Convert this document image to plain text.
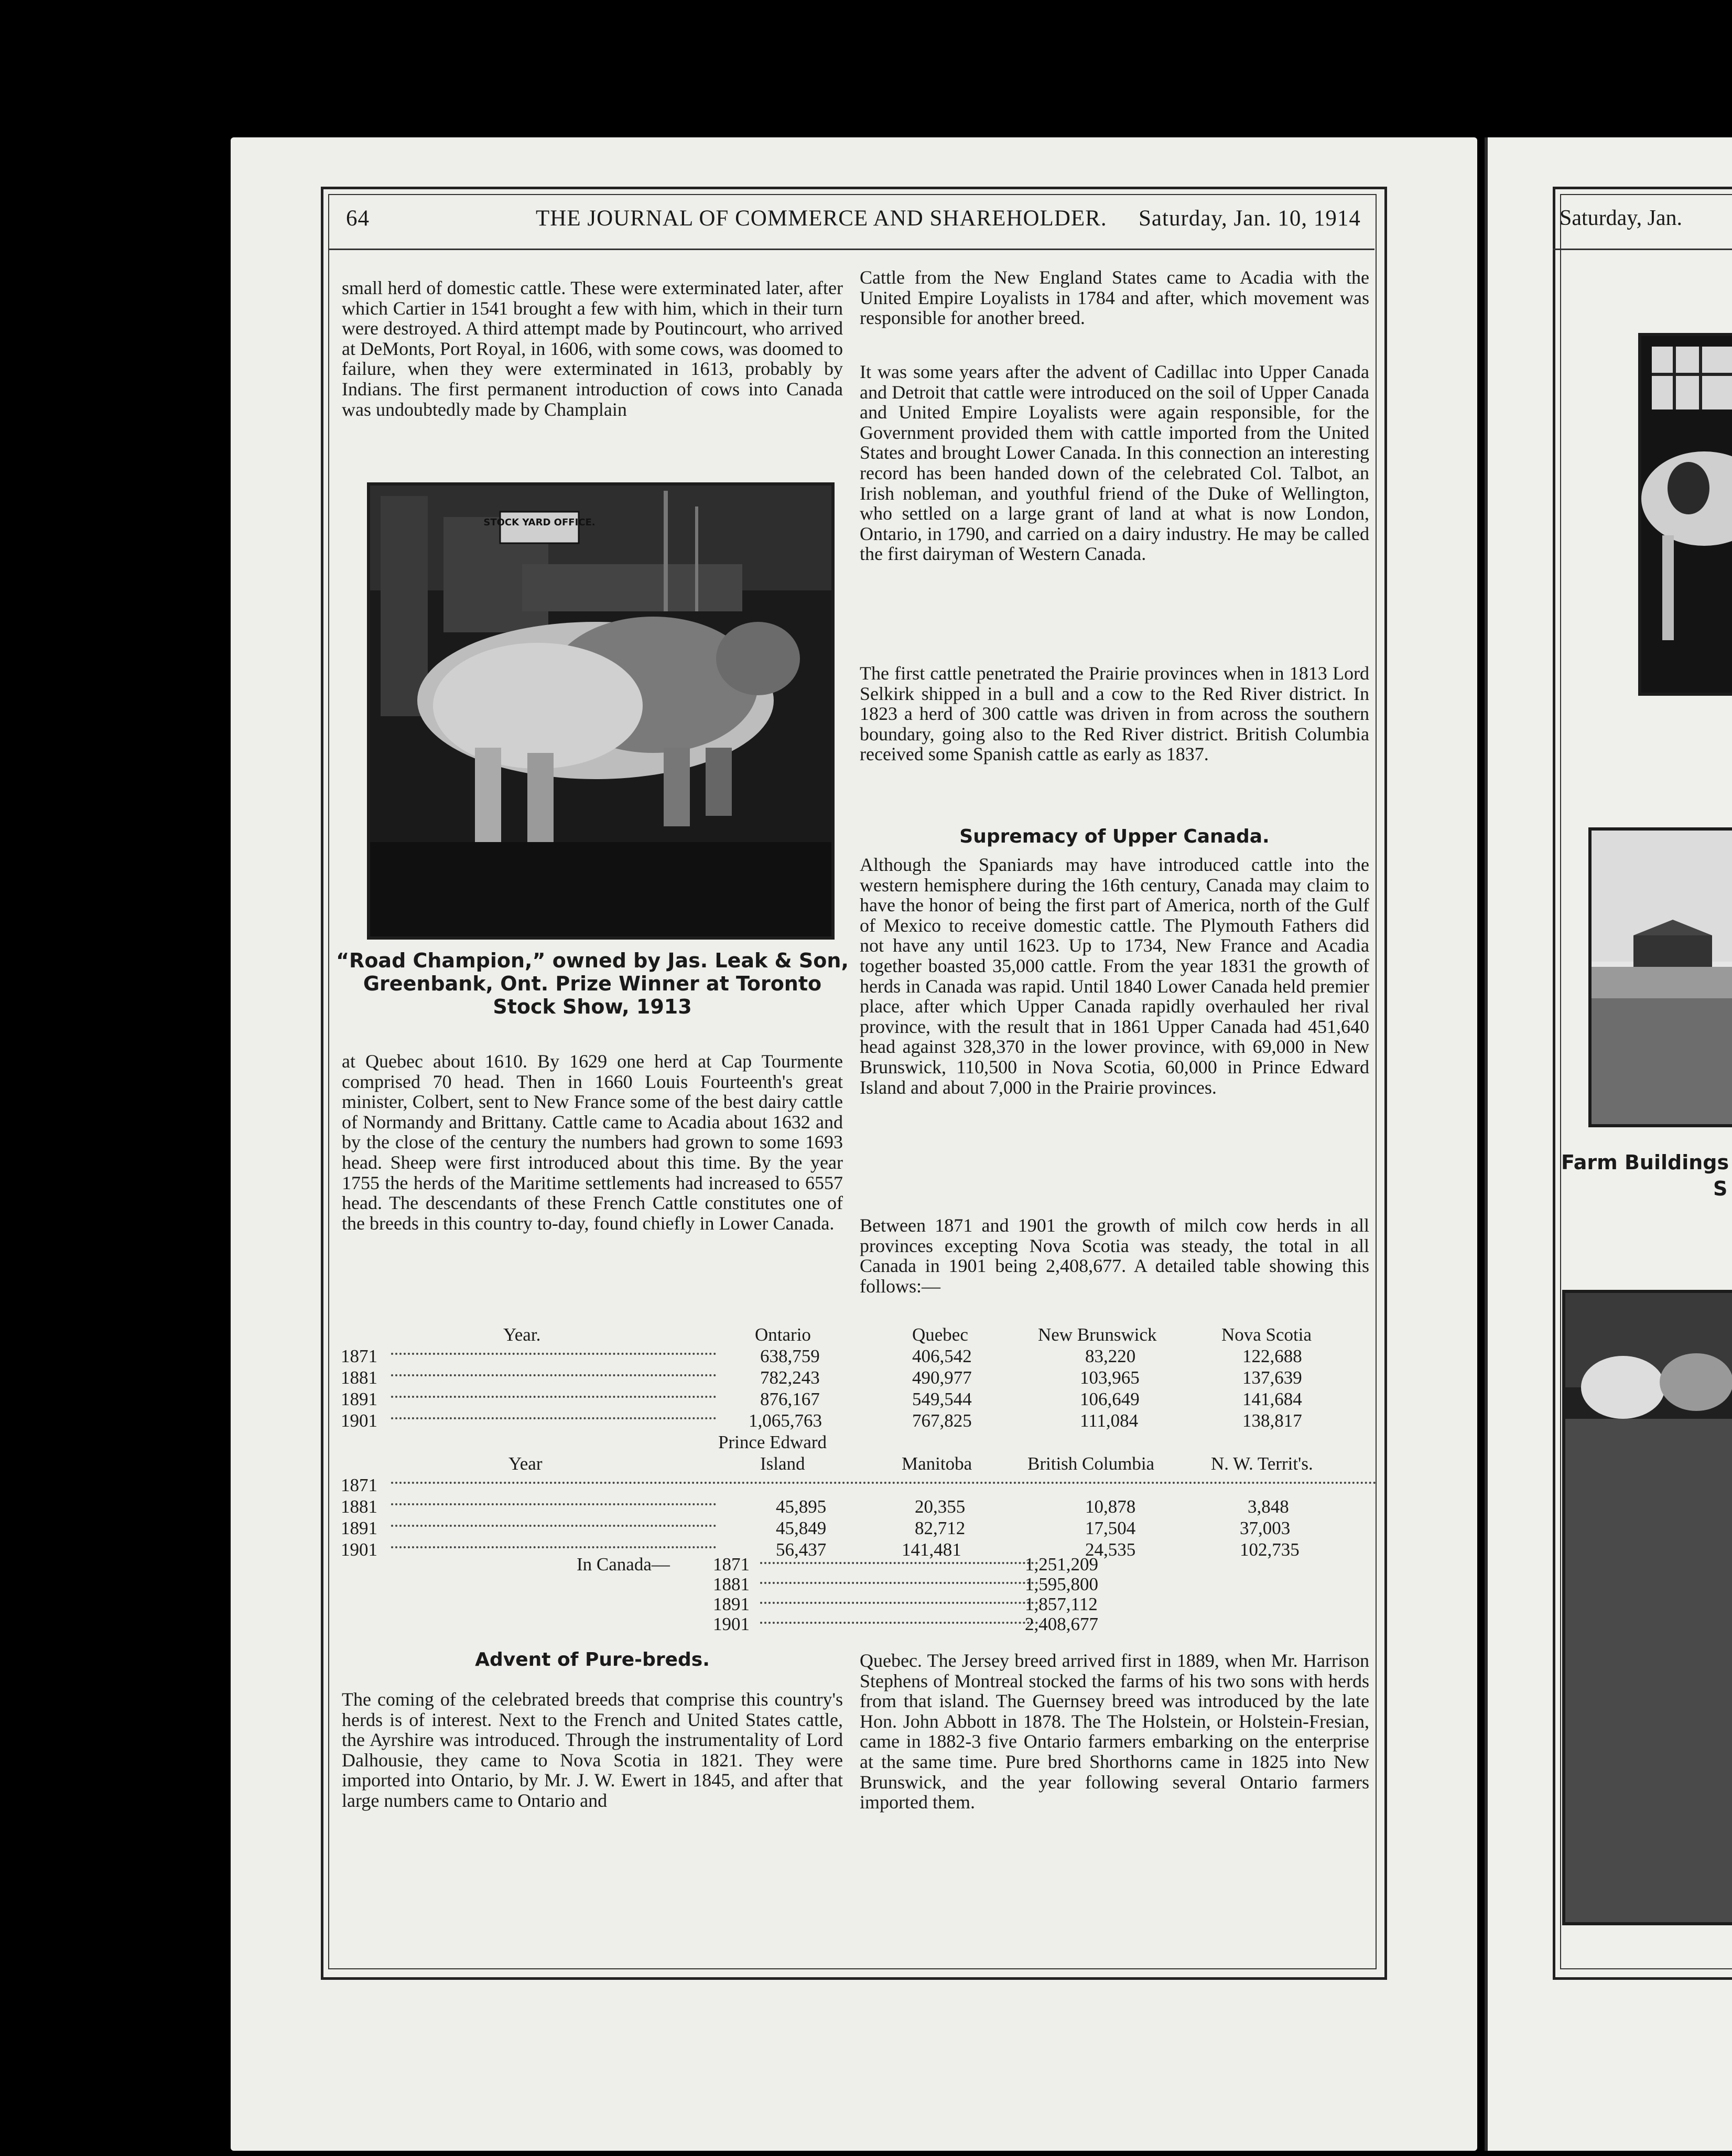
64	THE JOURNAL OF COMMERCE AND SHAREHOLDER. Saturday, Jan. 10, 1914

small herd of domestic cattle. These were exterminated later, after which Cartier in 1541 brought a few with him, which in their turn were destroyed. A third attempt made by Poutincourt, who arrived at DeMonts, Port Royal, in 1606, with some cows, was doomed to failure, when they were exterminated in 1613, probably by Indians. The first permanent introduction of cows into Canada was undoubtedly made by Champlain

STOCK YARD OFFICE.

“Road Champion,” owned by Jas. Leak & Son, Greenbank, Ont. Prize Winner at Toronto Stock Show, 1913

at Quebec about 1610. By 1629 one herd at Cap Tourmente comprised 70 head. Then in 1660 Louis Fourteenth's great minister, Colbert, sent to New France some of the best dairy cattle of Normandy and Brittany. Cattle came to Acadia about 1632 and by the close of the century the numbers had grown to some 1693 head. Sheep were first introduced about this time. By the year 1755 the herds of the Maritime settlements had increased to 6557 head. The descendants of these French Cattle constitutes one of the breeds in this country to-day, found chiefly in Lower Canada.

Cattle from the New England States came to Acadia with the United Empire Loyalists in 1784 and after, which movement was responsible for another breed.

It was some years after the advent of Cadillac into Upper Canada and Detroit that cattle were introduced on the soil of Upper Canada and United Empire Loyalists were again responsible, for the Government provided them with cattle imported from the United States and brought Lower Canada. In this connection an interesting record has been handed down of the celebrated Col. Talbot, an Irish nobleman, and youthful friend of the Duke of Wellington, who settled on a large grant of land at what is now London, Ontario, in 1790, and carried on a dairy industry. He may be called the first dairyman of Western Canada.

The first cattle penetrated the Prairie provinces when in 1813 Lord Selkirk shipped in a bull and a cow to the Red River district. In 1823 a herd of 300 cattle was driven in from across the southern boundary, going also to the Red River district. British Columbia received some Spanish cattle as early as 1837.

Supremacy of Upper Canada.

Although the Spaniards may have introduced cattle into the western hemisphere during the 16th century, Canada may claim to have the honor of being the first part of America, north of the Gulf of Mexico to receive domestic cattle. The Plymouth Fathers did not have any until 1623. Up to 1734, New France and Acadia together boasted 35,000 cattle. From the year 1831 the growth of herds in Canada was rapid. Until 1840 Lower Canada held premier place, after which Upper Canada rapidly overhauled her rival province, with the result that in 1861 Upper Canada had 451,640 head against 328,370 in the lower province, with 69,000 in New Brunswick, 110,500 in Nova Scotia, 60,000 in Prince Edward Island and about 7,000 in the Prairie provinces.

Between 1871 and 1901 the growth of milch cow herds in all provinces excepting Nova Scotia was steady, the total in all Canada in 1901 being 2,408,677. A detailed table showing this follows:—

Year.	Ontario	Quebec	New Brunswick	Nova Scotia
1871	638,759	406,542	83,220	122,688
1881	782,243	490,977	103,965	137,639
1891	876,167	549,544	106,649	141,684
1901	1,065,763	767,825	111,084	138,817
Prince Edward
Year	Island	Manitoba	British Columbia	N. W. Territ's.
1871
1881	45,895	20,355	10,878	3,848
1891	45,849	82,712	17,504	37,003
1901	56,437	141,481	24,535	102,735
In Canada— 1871	1,251,209
1881	1,595,800
1891	1,857,112
1901	2,408,677
Advent of Pure-breds.

The coming of the celebrated breeds that comprise this country's herds is of interest. Next to the French and United States cattle, the Ayrshire was introduced. Through the instrumentality of Lord Dalhousie, they came to Nova Scotia in 1821. They were imported into Ontario, by Mr. J. W. Ewert in 1845, and after that large numbers came to Ontario and

Quebec. The Jersey breed arrived first in 1889, when Mr. Harrison Stephens of Montreal stocked the farms of his two sons with herds from that island. The Guernsey breed was introduced by the late Hon. John Abbott in 1878. The The Holstein, or Holstein-Fresian, came in 1882-3 five Ontario farmers embarking on the enterprise at the same time. Pure bred Shorthorns came in 1825 into New Brunswick, and the year following several Ontario farmers imported them.

Saturday, Jan.
Farm Buildings
S
